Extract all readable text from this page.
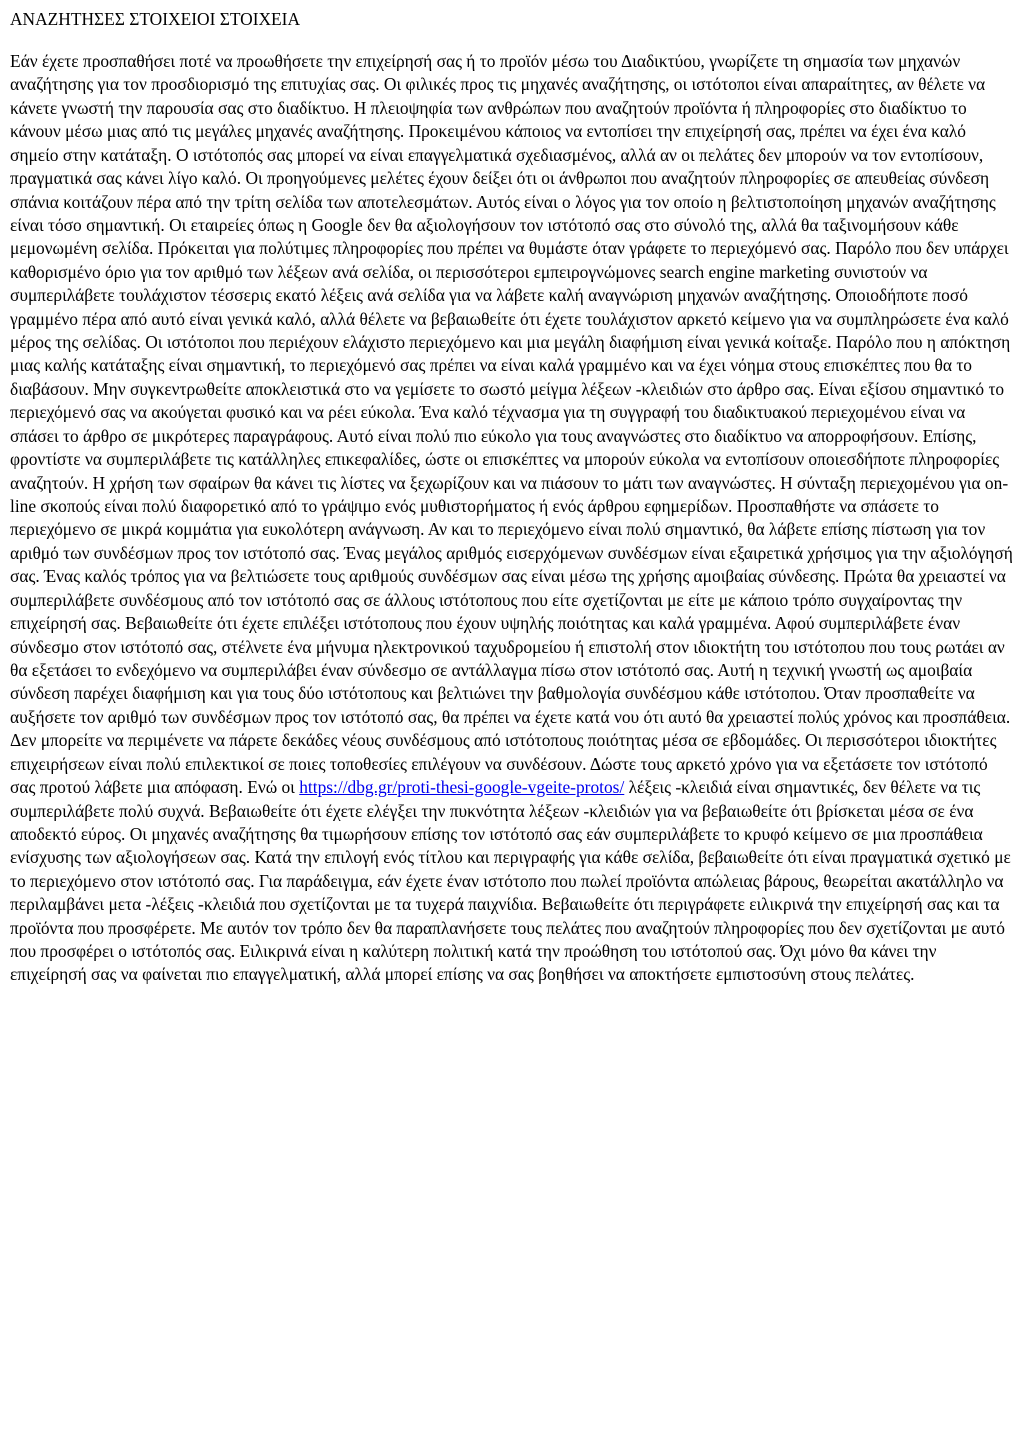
ΑΝΑΖΗΤΗΣΕΣ ΣΤΟΙΧΕΙΟΙ ΣΤΟΙΧΕΙΑ

Εάν έχετε προσπαθήσει ποτέ να προωθήσετε την επιχείρησή σας ή το προϊόν μέσω του Διαδικτύου, γνωρίζετε τη σημασία των μηχανών αναζήτησης για τον προσδιορισμό της επιτυχίας σας. Οι φιλικές προς τις μηχανές αναζήτησης, οι ιστότοποι είναι απαραίτητες, αν θέλετε να κάνετε γνωστή την παρουσία σας στο διαδίκτυο. Η πλειοψηφία των ανθρώπων που αναζητούν προϊόντα ή πληροφορίες στο διαδίκτυο το κάνουν μέσω μιας από τις μεγάλες μηχανές αναζήτησης. Προκειμένου κάποιος να εντοπίσει την επιχείρησή σας, πρέπει να έχει ένα καλό σημείο στην κατάταξη. Ο ιστότοπός σας μπορεί να είναι επαγγελματικά σχεδιασμένος, αλλά αν οι πελάτες δεν μπορούν να τον εντοπίσουν, πραγματικά σας κάνει λίγο καλό. Οι προηγούμενες μελέτες έχουν δείξει ότι οι άνθρωποι που αναζητούν πληροφορίες σε απευθείας σύνδεση σπάνια κοιτάζουν πέρα από την τρίτη σελίδα των αποτελεσμάτων. Αυτός είναι ο λόγος για τον οποίο η βελτιστοποίηση μηχανών αναζήτησης είναι τόσο σημαντική. Οι εταιρείες όπως η Google δεν θα αξιολογήσουν τον ιστότοπό σας στο σύνολό της, αλλά θα ταξινομήσουν κάθε μεμονωμένη σελίδα. Πρόκειται για πολύτιμες πληροφορίες που πρέπει να θυμάστε όταν γράφετε το περιεχόμενό σας. Παρόλο που δεν υπάρχει καθορισμένο όριο για τον αριθμό των λέξεων ανά σελίδα, οι περισσότεροι εμπειρογνώμονες search engine marketing συνιστούν να συμπεριλάβετε τουλάχιστον τέσσερις εκατό λέξεις ανά σελίδα για να λάβετε καλή αναγνώριση μηχανών αναζήτησης. Οποιοδήποτε ποσό γραμμένο πέρα από αυτό είναι γενικά καλό, αλλά θέλετε να βεβαιωθείτε ότι έχετε τουλάχιστον αρκετό κείμενο για να συμπληρώσετε ένα καλό μέρος της σελίδας. Οι ιστότοποι που περιέχουν ελάχιστο περιεχόμενο και μια μεγάλη διαφήμιση είναι γενικά κοίταξε. Παρόλο που η απόκτηση μιας καλής κατάταξης είναι σημαντική, το περιεχόμενό σας πρέπει να είναι καλά γραμμένο και να έχει νόημα στους επισκέπτες που θα το διαβάσουν. Μην συγκεντρωθείτε αποκλειστικά στο να γεμίσετε το σωστό μείγμα λέξεων -κλειδιών στο άρθρο σας. Είναι εξίσου σημαντικό το περιεχόμενό σας να ακούγεται φυσικό και να ρέει εύκολα. Ένα καλό τέχνασμα για τη συγγραφή του διαδικτυακού περιεχομένου είναι να σπάσει το άρθρο σε μικρότερες παραγράφους. Αυτό είναι πολύ πιο εύκολο για τους αναγνώστες στο διαδίκτυο να απορροφήσουν. Επίσης, φροντίστε να συμπεριλάβετε τις κατάλληλες επικεφαλίδες, ώστε οι επισκέπτες να μπορούν εύκολα να εντοπίσουν οποιεσδήποτε πληροφορίες αναζητούν. Η χρήση των σφαίρων θα κάνει τις λίστες να ξεχωρίζουν και να πιάσουν το μάτι των αναγνώστες. Η σύνταξη περιεχομένου για on-line σκοπούς είναι πολύ διαφορετικό από το γράψιμο ενός μυθιστορήματος ή ενός άρθρου εφημερίδων. Προσπαθήστε να σπάσετε το περιεχόμενο σε μικρά κομμάτια για ευκολότερη ανάγνωση. Αν και το περιεχόμενο είναι πολύ σημαντικό, θα λάβετε επίσης πίστωση για τον αριθμό των συνδέσμων προς τον ιστότοπό σας. Ένας μεγάλος αριθμός εισερχόμενων συνδέσμων είναι εξαιρετικά χρήσιμος για την αξιολόγησή σας. Ένας καλός τρόπος για να βελτιώσετε τους αριθμούς συνδέσμων σας είναι μέσω της χρήσης αμοιβαίας σύνδεσης. Πρώτα θα χρειαστεί να συμπεριλάβετε συνδέσμους από τον ιστότοπό σας σε άλλους ιστότοπους που είτε σχετίζονται με είτε με κάποιο τρόπο συγχαίροντας την επιχείρησή σας. Βεβαιωθείτε ότι έχετε επιλέξει ιστότοπους που έχουν υψηλής ποιότητας και καλά γραμμένα. Αφού συμπεριλάβετε έναν σύνδεσμο στον ιστότοπό σας, στέλνετε ένα μήνυμα ηλεκτρονικού ταχυδρομείου ή επιστολή στον ιδιοκτήτη του ιστότοπου που τους ρωτάει αν θα εξετάσει το ενδεχόμενο να συμπεριλάβει έναν σύνδεσμο σε αντάλλαγμα πίσω στον ιστότοπό σας. Αυτή η τεχνική γνωστή ως αμοιβαία σύνδεση παρέχει διαφήμιση και για τους δύο ιστότοπους και βελτιώνει την βαθμολογία συνδέσμου κάθε ιστότοπου. Όταν προσπαθείτε να αυξήσετε τον αριθμό των συνδέσμων προς τον ιστότοπό σας, θα πρέπει να έχετε κατά νου ότι αυτό θα χρειαστεί πολύς χρόνος και προσπάθεια. Δεν μπορείτε να περιμένετε να πάρετε δεκάδες νέους συνδέσμους από ιστότοπους ποιότητας μέσα σε εβδομάδες. Οι περισσότεροι ιδιοκτήτες επιχειρήσεων είναι πολύ επιλεκτικοί σε ποιες τοποθεσίες επιλέγουν να συνδέσουν. Δώστε τους αρκετό χρόνο για να εξετάσετε τον ιστότοπό σας προτού λάβετε μια απόφαση. Ενώ οι https://dbg.gr/proti-thesi-google-vgeite-protos/ λέξεις -κλειδιά είναι σημαντικές, δεν θέλετε να τις συμπεριλάβετε πολύ συχνά. Βεβαιωθείτε ότι έχετε ελέγξει την πυκνότητα λέξεων -κλειδιών για να βεβαιωθείτε ότι βρίσκεται μέσα σε ένα αποδεκτό εύρος. Οι μηχανές αναζήτησης θα τιμωρήσουν επίσης τον ιστότοπό σας εάν συμπεριλάβετε το κρυφό κείμενο σε μια προσπάθεια ενίσχυσης των αξιολογήσεων σας. Κατά την επιλογή ενός τίτλου και περιγραφής για κάθε σελίδα, βεβαιωθείτε ότι είναι πραγματικά σχετικό με το περιεχόμενο στον ιστότοπό σας. Για παράδειγμα, εάν έχετε έναν ιστότοπο που πωλεί προϊόντα απώλειας βάρους, θεωρείται ακατάλληλο να περιλαμβάνει μετα -λέξεις -κλειδιά που σχετίζονται με τα τυχερά παιχνίδια. Βεβαιωθείτε ότι περιγράφετε ειλικρινά την επιχείρησή σας και τα προϊόντα που προσφέρετε. Με αυτόν τον τρόπο δεν θα παραπλανήσετε τους πελάτες που αναζητούν πληροφορίες που δεν σχετίζονται με αυτό που προσφέρει ο ιστότοπός σας. Ειλικρινά είναι η καλύτερη πολιτική κατά την προώθηση του ιστότοπού σας. Όχι μόνο θα κάνει την επιχείρησή σας να φαίνεται πιο επαγγελματική, αλλά μπορεί επίσης να σας βοηθήσει να αποκτήσετε εμπιστοσύνη στους πελάτες.
